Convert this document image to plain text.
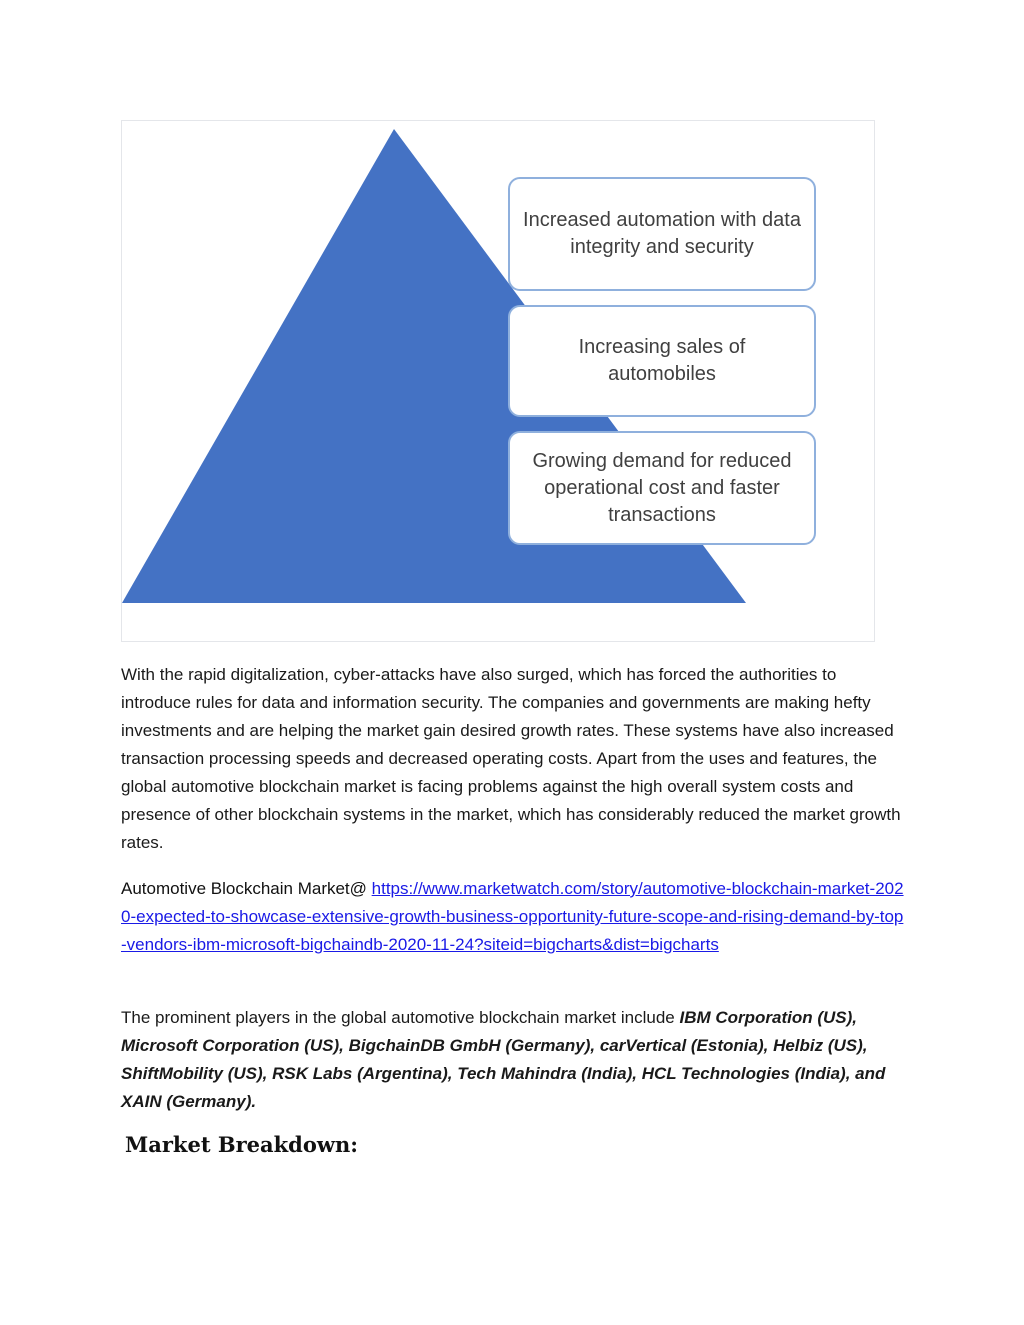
Increased automation with data integrity and security
Increasing sales of automobiles
Growing demand for reduced operational cost and faster transactions

With the rapid digitalization, cyber-attacks have also surged, which has forced the authorities to introduce rules for data and information security. The companies and governments are making hefty investments and are helping the market gain desired growth rates. These systems have also increased transaction processing speeds and decreased operating costs. Apart from the uses and features, the global automotive blockchain market is facing problems against the high overall system costs and presence of other blockchain systems in the market, which has considerably reduced the market growth rates.

Automotive Blockchain Market@ https://www.marketwatch.com/story/automotive-blockchain-market-2020-expected-to-showcase-extensive-growth-business-opportunity-future-scope-and-rising-demand-by-top-vendors-ibm-microsoft-bigchaindb-2020-11-24?siteid=bigcharts&dist=bigcharts

The prominent players in the global automotive blockchain market include IBM Corporation (US), Microsoft Corporation (US), BigchainDB GmbH (Germany), carVertical (Estonia), Helbiz (US), ShiftMobility (US), RSK Labs (Argentina), Tech Mahindra (India), HCL Technologies (India), and XAIN (Germany).

Market Breakdown:
